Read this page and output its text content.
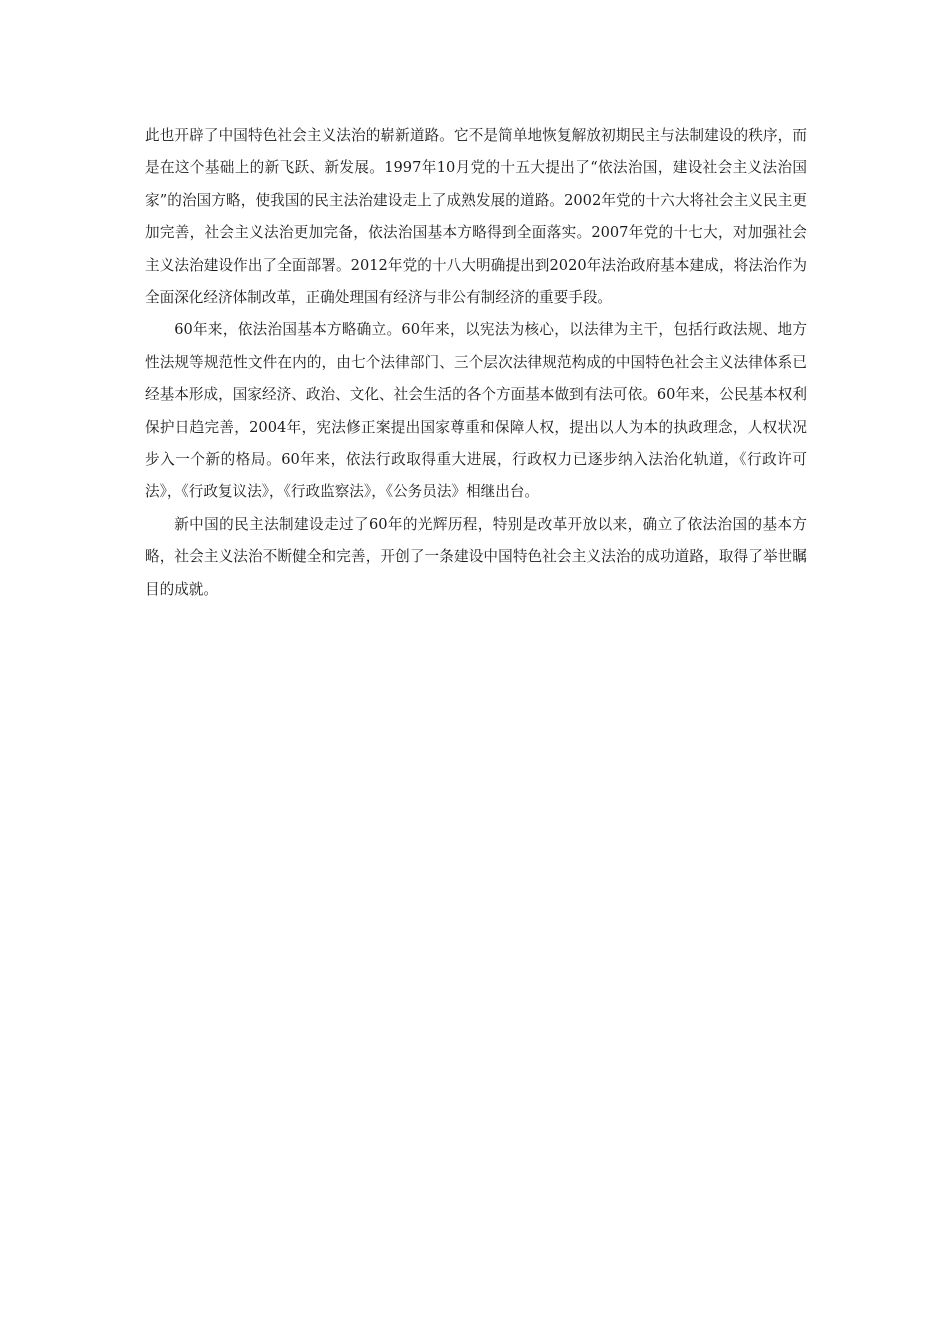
此也开辟了中国特色社会主义法治的崭新道路。它不是简单地恢复解放初期民主与法制建设的秩序，而是在这个基础上的新飞跃、新发展。1997年10月党的十五大提出了“依法治国，建设社会主义法治国家”的治国方略，使我国的民主法治建设走上了成熟发展的道路。2002年党的十六大将社会主义民主更加完善，社会主义法治更加完备，依法治国基本方略得到全面落实。2007年党的十七大，对加强社会主义法治建设作出了全面部署。2012年党的十八大明确提出到2020年法治政府基本建成，将法治作为全面深化经济体制改革，正确处理国有经济与非公有制经济的重要手段。

60年来，依法治国基本方略确立。60年来，以宪法为核心，以法律为主干，包括行政法规、地方性法规等规范性文件在内的，由七个法律部门、三个层次法律规范构成的中国特色社会主义法律体系已经基本形成，国家经济、政治、文化、社会生活的各个方面基本做到有法可依。60年来，公民基本权利保护日趋完善，2004年，宪法修正案提出国家尊重和保障人权，提出以人为本的执政理念，人权状况步入一个新的格局。60年来，依法行政取得重大进展，行政权力已逐步纳入法治化轨道，《行政许可法》，《行政复议法》，《行政监察法》，《公务员法》相继出台。

新中国的民主法制建设走过了60年的光辉历程，特别是改革开放以来，确立了依法治国的基本方略，社会主义法治不断健全和完善，开创了一条建设中国特色社会主义法治的成功道路，取得了举世瞩目的成就。
